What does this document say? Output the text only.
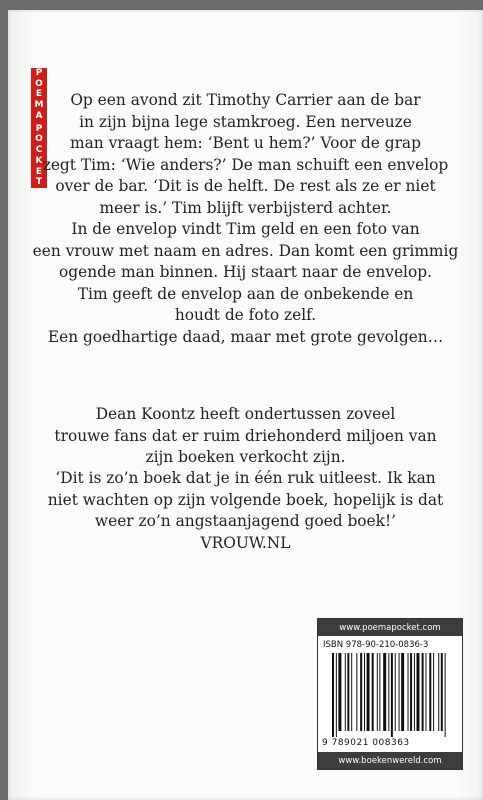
P
O
E
M
A
P
O
C
K
E
T
Op een avond zit Timothy Carrier aan de bar
in zijn bijna lege stamkroeg. Een nerveuze
man vraagt hem: ‘Bent u hem?’ Voor de grap
zegt Tim: ‘Wie anders?’ De man schuift een envelop
over de bar. ‘Dit is de helft. De rest als ze er niet
meer is.’ Tim blijft verbijsterd achter.
In de envelop vindt Tim geld en een foto van
een vrouw met naam en adres. Dan komt een grimmig
ogende man binnen. Hij staart naar de envelop.
Tim geeft de envelop aan de onbekende en
houdt de foto zelf.
Een goedhartige daad, maar met grote gevolgen…
Dean Koontz heeft ondertussen zoveel
trouwe fans dat er ruim driehonderd miljoen van
zijn boeken verkocht zijn.
‘Dit is zo’n boek dat je in één ruk uitleest. Ik kan
niet wachten op zijn volgende boek, hopelijk is dat
weer zo’n angstaanjagend goed boek!’
VROUW.NL
www.poemapocket.com
ISBN 978-90-210-0836-3
9 789021 008363
www.boekenwereld.com
